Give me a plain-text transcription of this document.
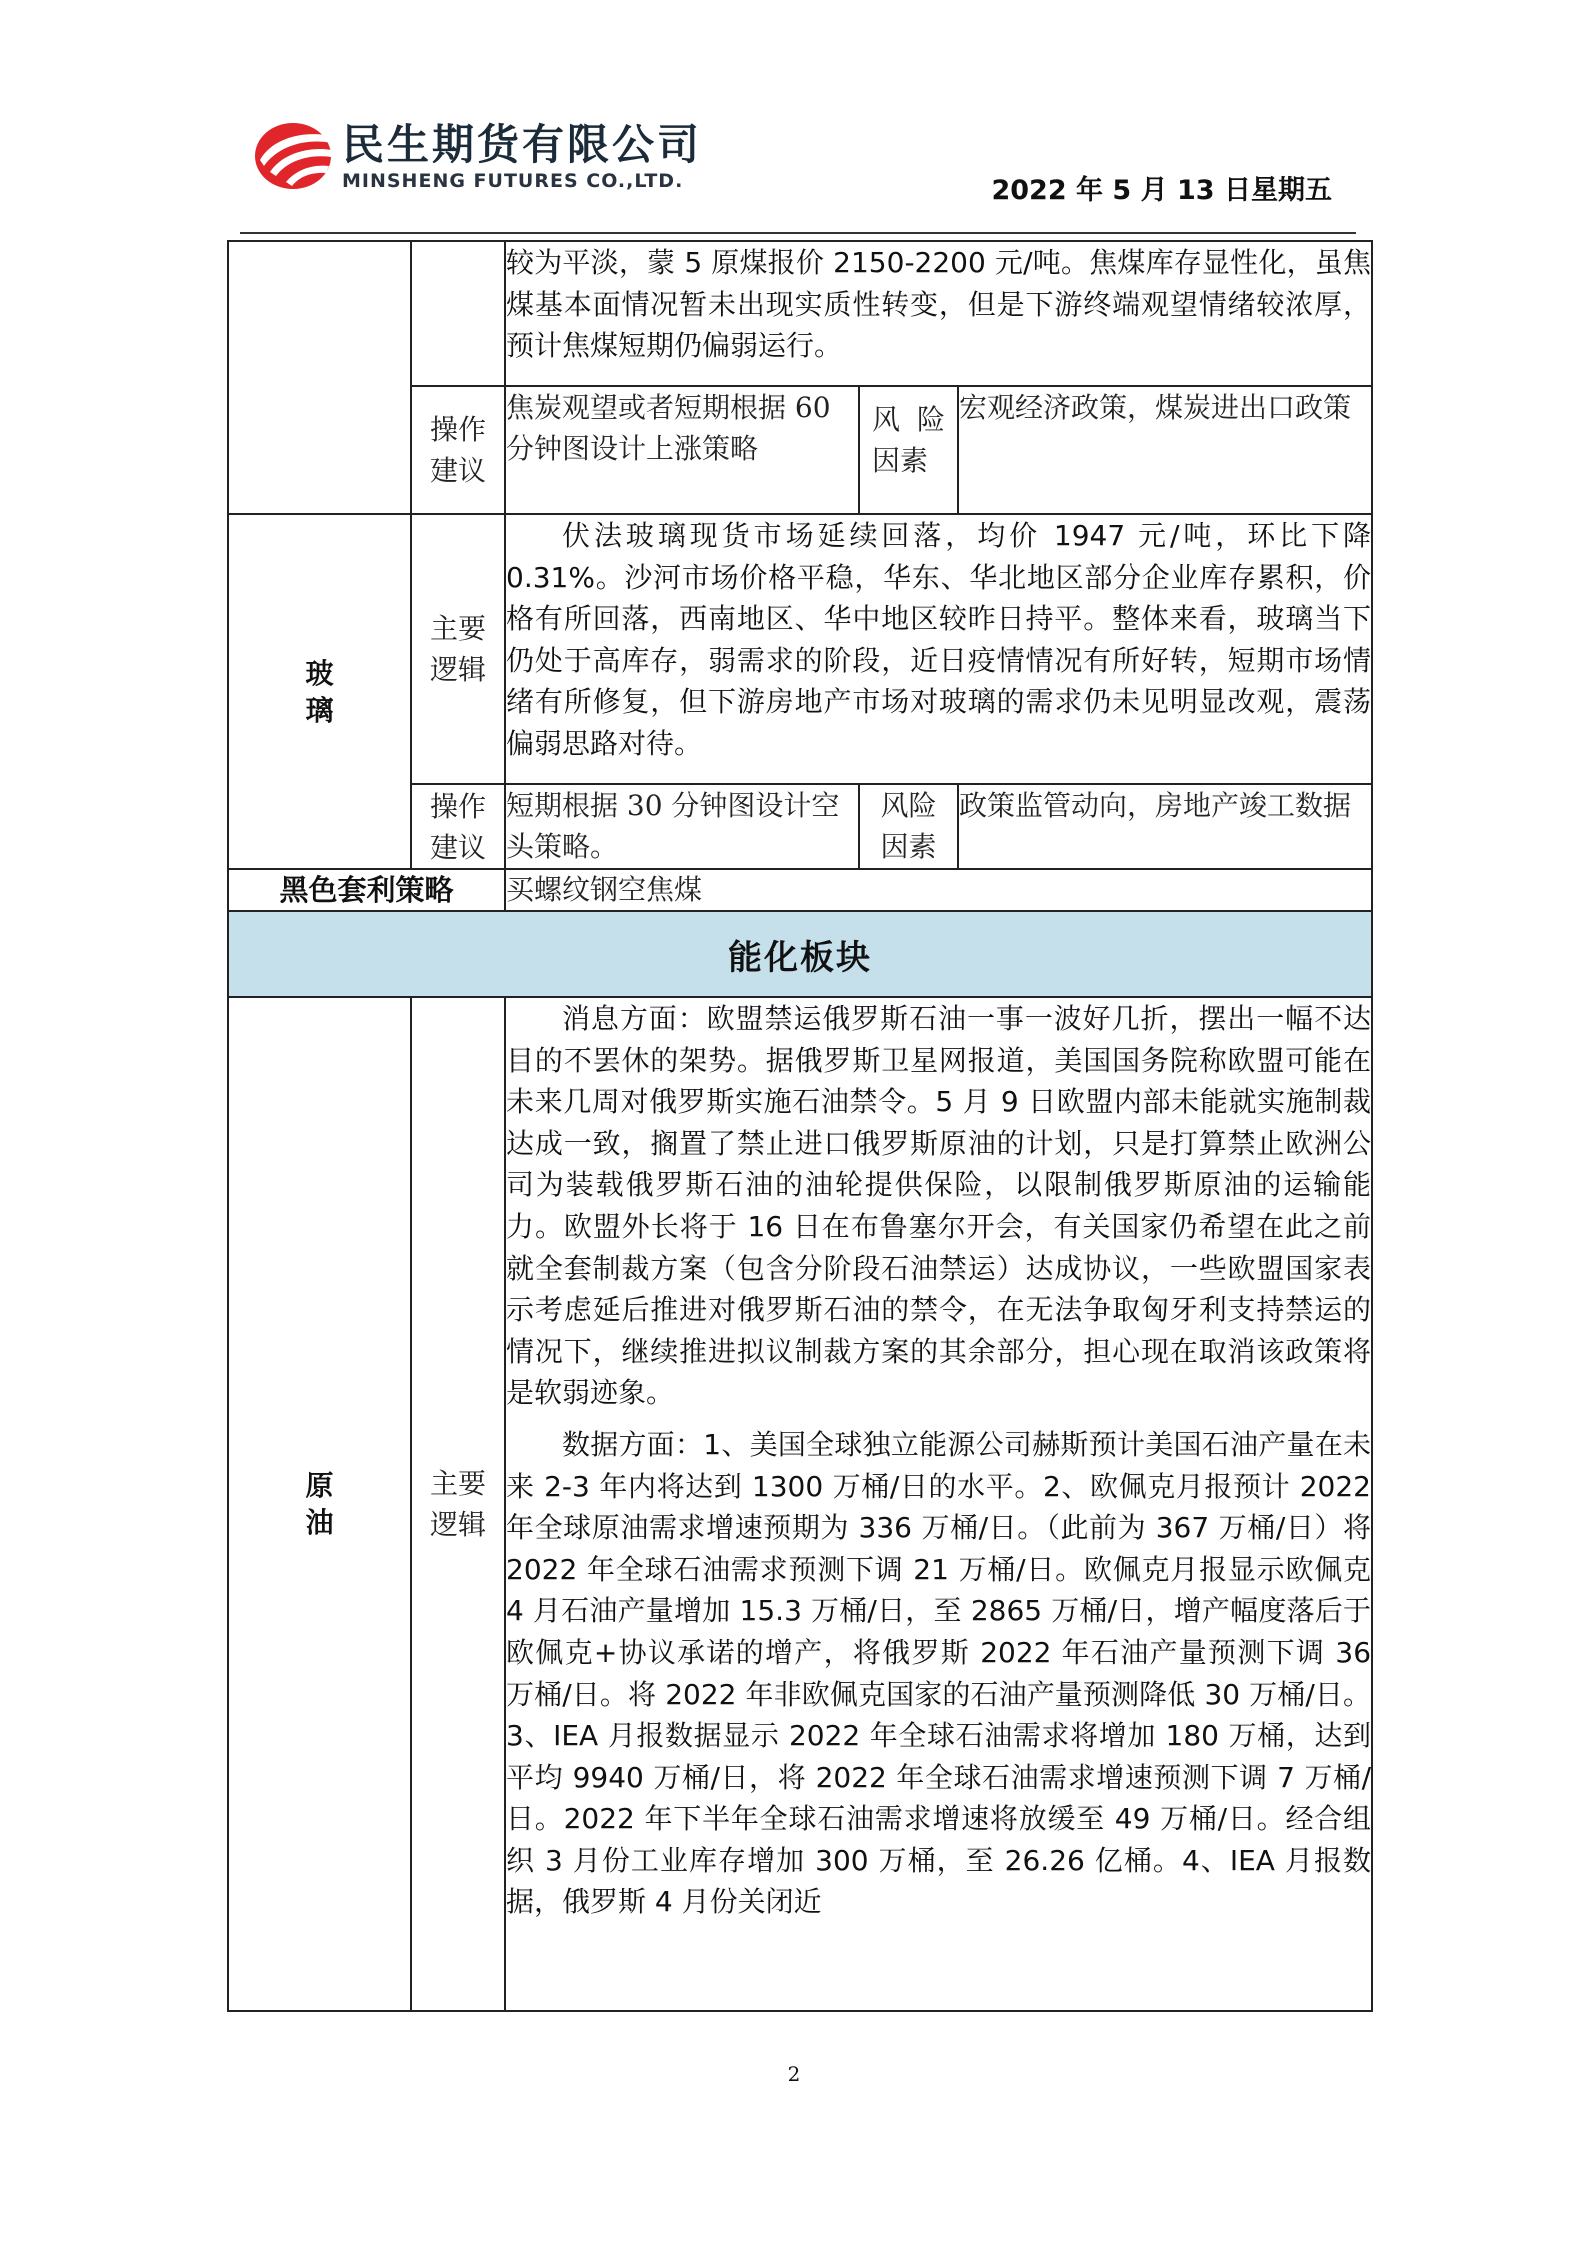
民生期货有限公司
MINSHENG FUTURES CO.,LTD.	2022 年 5 月 13 日星期五

		较为平淡，蒙 5 原煤报价 2150-2200 元/吨。焦煤库存显性化，虽焦煤基本面情况暂未出现实质性转变，但是下游终端观望情绪较浓厚，预计焦煤短期仍偏弱运行。		

	操作建议	焦炭观望或者短期根据 60 分钟图设计上涨策略	风险因素	宏观经济政策，煤炭进出口政策

玻璃	主要逻辑	伏法玻璃现货市场延续回落，均价 1947 元/吨，环比下降 0.31%。沙河市场价格平稳，华东、华北地区部分企业库存累积，价格有所回落，西南地区、华中地区较昨日持平。整体来看，玻璃当下仍处于高库存，弱需求的阶段，近日疫情情况有所好转，短期市场情绪有所修复，但下游房地产市场对玻璃的需求仍未见明显改观，震荡偏弱思路对待。		

	操作建议	短期根据 30 分钟图设计空头策略。	风险因素	政策监管动向，房地产竣工数据
黑色套利策略		买螺纹钢空焦煤		
能化板块				

原油	主要逻辑	消息方面：欧盟禁运俄罗斯石油一事一波好几折，摆出一幅不达目的不罢休的架势。据俄罗斯卫星网报道，美国国务院称欧盟可能在未来几周对俄罗斯实施石油禁令。5 月 9 日欧盟内部未能就实施制裁达成一致，搁置了禁止进口俄罗斯原油的计划，只是打算禁止欧洲公司为装载俄罗斯石油的油轮提供保险，以限制俄罗斯原油的运输能力。欧盟外长将于 16 日在布鲁塞尔开会，有关国家仍希望在此之前就全套制裁方案（包含分阶段石油禁运）达成协议，一些欧盟国家表示考虑延后推进对俄罗斯石油的禁令，在无法争取匈牙利支持禁运的情况下，继续推进拟议制裁方案的其余部分，担心现在取消该政策将是软弱迹象。

数据方面：1、美国全球独立能源公司赫斯预计美国石油产量在未来 2-3 年内将达到 1300 万桶/日的水平。2、欧佩克月报预计 2022 年全球原油需求增速预期为 336 万桶/日。（此前为 367 万桶/日）将 2022 年全球石油需求预测下调 21 万桶/日。欧佩克月报显示欧佩克 4 月石油产量增加 15.3 万桶/日，至 2865 万桶/日，增产幅度落后于欧佩克+协议承诺的增产，将俄罗斯 2022 年石油产量预测下调 36 万桶/日。将 2022 年非欧佩克国家的石油产量预测降低 30 万桶/日。3、IEA 月报数据显示 2022 年全球石油需求将增加 180 万桶，达到平均 9940 万桶/日，将 2022 年全球石油需求增速预测下调 7 万桶/日。2022 年下半年全球石油需求增速将放缓至 49 万桶/日。经合组织 3 月份工业库存增加 300 万桶，至 26.26 亿桶。4、IEA 月报数据，俄罗斯 4 月份关闭近		

2
